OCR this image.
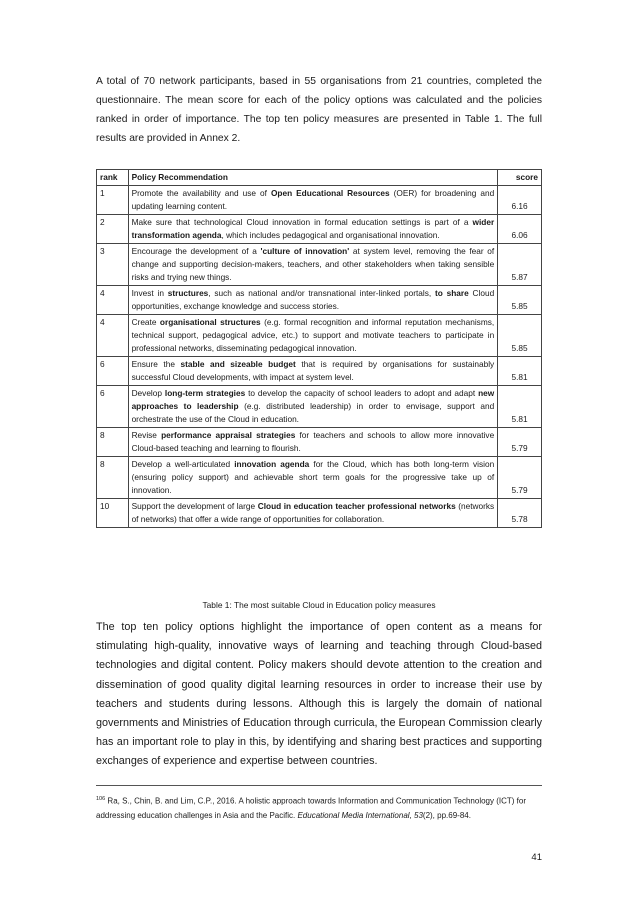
A total of 70 network participants, based in 55 organisations from 21 countries, completed the questionnaire. The mean score for each of the policy options was calculated and the policies ranked in order of importance. The top ten policy measures are presented in Table 1. The full results are provided in Annex 2.

rank	Policy Recommendation	score
1	Promote the availability and use of Open Educational Resources (OER) for broadening and updating learning content.	6.16
2	Make sure that technological Cloud innovation in formal education settings is part of a wider transformation agenda, which includes pedagogical and organisational innovation.	6.06
3	Encourage the development of a 'culture of innovation' at system level, removing the fear of change and supporting decision-makers, teachers, and other stakeholders when taking sensible risks and trying new things.	5.87
4	Invest in structures, such as national and/or transnational inter-linked portals, to share Cloud opportunities, exchange knowledge and success stories.	5.85
4	Create organisational structures (e.g. formal recognition and informal reputation mechanisms, technical support, pedagogical advice, etc.) to support and motivate teachers to participate in professional networks, disseminating pedagogical innovation.	5.85
6	Ensure the stable and sizeable budget that is required by organisations for sustainably successful Cloud developments, with impact at system level.	5.81
6	Develop long-term strategies to develop the capacity of school leaders to adopt and adapt new approaches to leadership (e.g. distributed leadership) in order to envisage, support and orchestrate the use of the Cloud in education.	5.81
8	Revise performance appraisal strategies for teachers and schools to allow more innovative Cloud-based teaching and learning to flourish.	5.79
8	Develop a well-articulated innovation agenda for the Cloud, which has both long-term vision (ensuring policy support) and achievable short term goals for the progressive take up of innovation.	5.79
10	Support the development of large Cloud in education teacher professional networks (networks of networks) that offer a wide range of opportunities for collaboration.	5.78

Table 1: The most suitable Cloud in Education policy measures

The top ten policy options highlight the importance of open content as a means for stimulating high-quality, innovative ways of learning and teaching through Cloud-based technologies and digital content. Policy makers should devote attention to the creation and dissemination of good quality digital learning resources in order to increase their use by teachers and students during lessons. Although this is largely the domain of national governments and Ministries of Education through curricula, the European Commission clearly has an important role to play in this, by identifying and sharing best practices and supporting exchanges of experience and expertise between countries.

$^{106}$ Ra, S., Chin, B. and Lim, C.P., 2016. A holistic approach towards Information and Communication Technology (ICT) for addressing education challenges in Asia and the Pacific. Educational Media International, 53(2), pp.69-84.

41
